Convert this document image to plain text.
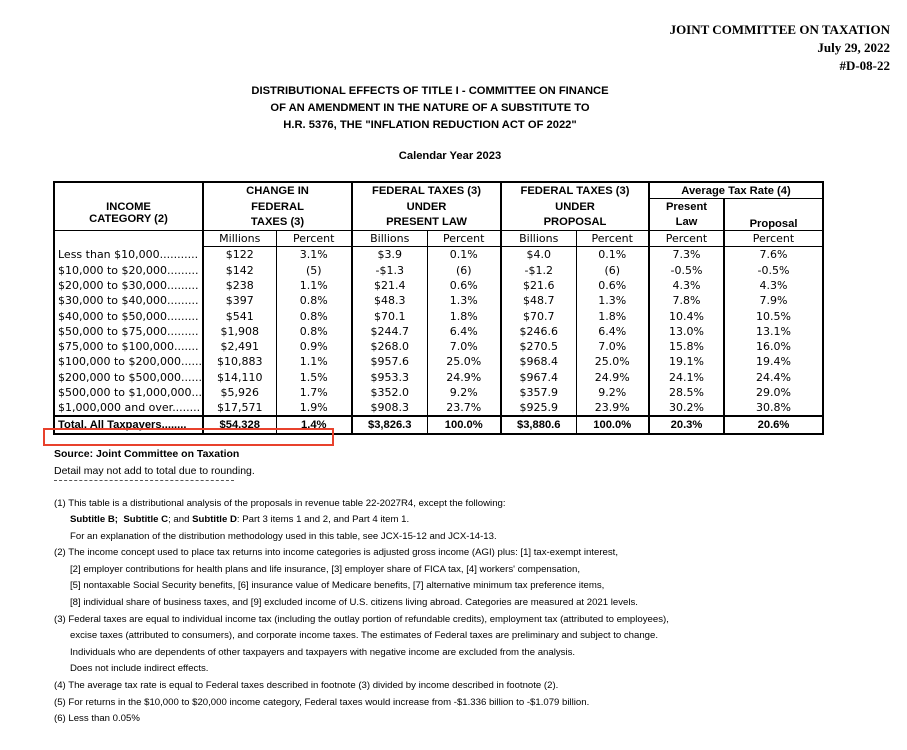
JOINT COMMITTEE ON TAXATION
July 29, 2022
#D-08-22
DISTRIBUTIONAL EFFECTS OF TITLE I - COMMITTEE ON FINANCE
OF AN AMENDMENT IN THE NATURE OF A SUBSTITUTE TO
H.R. 5376, THE "INFLATION REDUCTION ACT OF 2022"
Calendar Year 2023
INCOME
CATEGORY (2)	CHANGE IN		FEDERAL TAXES (3)		FEDERAL TAXES (3)		Average Tax Rate (4)	
	FEDERAL		UNDER		UNDER		Present	Proposal
	TAXES (3)		PRESENT LAW		PROPOSAL		Law	
	Millions	Percent	Billions	Percent	Billions	Percent	Percent	Percent
Less than $10,000...........	$122	3.1%	$3.9	0.1%	$4.0	0.1%	7.3%	7.6%
$10,000 to $20,000.........	$142	(5)	-$1.3	(6)	-$1.2	(6)	-0.5%	-0.5%
$20,000 to $30,000.........	$238	1.1%	$21.4	0.6%	$21.6	0.6%	4.3%	4.3%
$30,000 to $40,000.........	$397	0.8%	$48.3	1.3%	$48.7	1.3%	7.8%	7.9%
$40,000 to $50,000.........	$541	0.8%	$70.1	1.8%	$70.7	1.8%	10.4%	10.5%
$50,000 to $75,000.........	$1,908	0.8%	$244.7	6.4%	$246.6	6.4%	13.0%	13.1%
$75,000 to $100,000.......	$2,491	0.9%	$268.0	7.0%	$270.5	7.0%	15.8%	16.0%
$100,000 to $200,000......	$10,883	1.1%	$957.6	25.0%	$968.4	25.0%	19.1%	19.4%
$200,000 to $500,000......	$14,110	1.5%	$953.3	24.9%	$967.4	24.9%	24.1%	24.4%
$500,000 to $1,000,000...	$5,926	1.7%	$352.0	9.2%	$357.9	9.2%	28.5%	29.0%
$1,000,000 and over........	$17,571	1.9%	$908.3	23.7%	$925.9	23.9%	30.2%	30.8%
Total, All Taxpayers........	$54,328	1.4%	$3,826.3	100.0%	$3,880.6	100.0%	20.3%	20.6%
Source: Joint Committee on Taxation
Detail may not add to total due to rounding.
(1) This table is a distributional analysis of the proposals in revenue table 22-2027R4, except the following:
Subtitle B; Subtitle C; and Subtitle D: Part 3 items 1 and 2, and Part 4 item 1.
For an explanation of the distribution methodology used in this table, see JCX-15-12 and JCX-14-13.
(2) The income concept used to place tax returns into income categories is adjusted gross income (AGI) plus: [1] tax-exempt interest,
[2] employer contributions for health plans and life insurance, [3] employer share of FICA tax, [4] workers' compensation,
[5] nontaxable Social Security benefits, [6] insurance value of Medicare benefits, [7] alternative minimum tax preference items,
[8] individual share of business taxes, and [9] excluded income of U.S. citizens living abroad. Categories are measured at 2021 levels.
(3) Federal taxes are equal to individual income tax (including the outlay portion of refundable credits), employment tax (attributed to employees),
excise taxes (attributed to consumers), and corporate income taxes. The estimates of Federal taxes are preliminary and subject to change.
Individuals who are dependents of other taxpayers and taxpayers with negative income are excluded from the analysis.
Does not include indirect effects.
(4) The average tax rate is equal to Federal taxes described in footnote (3) divided by income described in footnote (2).
(5) For returns in the $10,000 to $20,000 income category, Federal taxes would increase from -$1.336 billion to -$1.079 billion.
(6) Less than 0.05%
